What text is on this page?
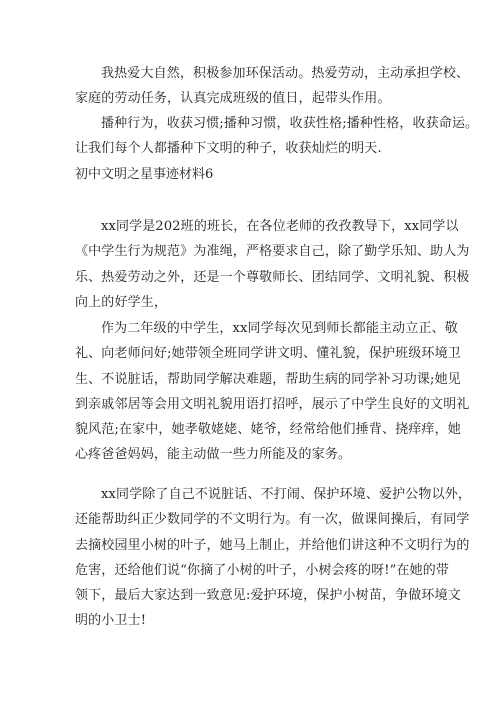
我热爱大自然，积极参加环保活动。热爱劳动，主动承担学校、
家庭的劳动任务，认真完成班级的值日，起带头作用。

播种行为，收获习惯;播种习惯，收获性格;播种性格，收获命运。
让我们每个人都播种下文明的种子，收获灿烂的明天.

初中文明之星事迹材料6

xx同学是202班的班长，在各位老师的孜孜教导下，xx同学以
《中学生行为规范》为准绳，严格要求自己，除了勤学乐知、助人为
乐、热爱劳动之外，还是一个尊敬师长、团结同学、文明礼貌、积极
向上的好学生，

作为二年级的中学生，xx同学每次见到师长都能主动立正、敬
礼、向老师问好;她带领全班同学讲文明、懂礼貌，保护班级环境卫
生、不说脏话，帮助同学解决难题，帮助生病的同学补习功课;她见
到亲戚邻居等会用文明礼貌用语打招呼，展示了中学生良好的文明礼
貌风范;在家中，她孝敬姥姥、姥爷，经常给他们捶背、挠痒痒，她
心疼爸爸妈妈，能主动做一些力所能及的家务。

xx同学除了自己不说脏话、不打闹、保护环境、爱护公物以外，
还能帮助纠正少数同学的不文明行为。有一次，做课间操后，有同学
去摘校园里小树的叶子，她马上制止，并给他们讲这种不文明行为的
危害，还给他们说“你摘了小树的叶子，小树会疼的呀!”在她的带
领下，最后大家达到一致意见:爱护环境，保护小树苗，争做环境文
明的小卫士!
